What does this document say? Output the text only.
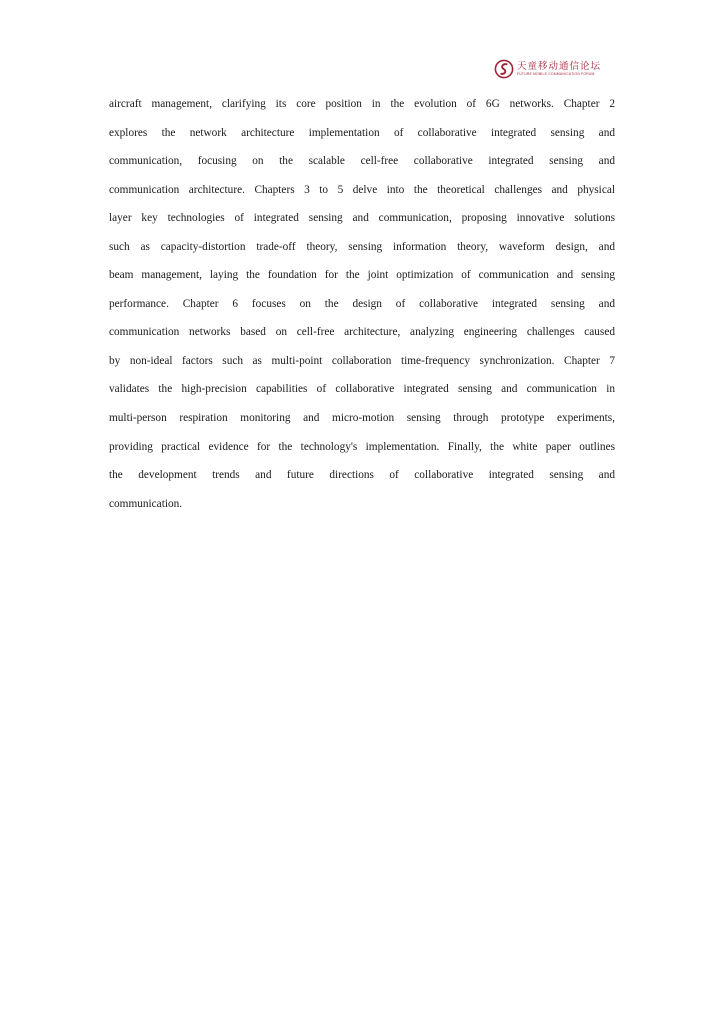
天童移动通信论坛
FUTURE MOBILE COMMUNICATION FORUM
aircraft management, clarifying its core position in the evolution of 6G networks. Chapter 2
explores the network architecture implementation of collaborative integrated sensing and
communication, focusing on the scalable cell-free collaborative integrated sensing and
communication architecture. Chapters 3 to 5 delve into the theoretical challenges and physical
layer key technologies of integrated sensing and communication, proposing innovative solutions
such as capacity-distortion trade-off theory, sensing information theory, waveform design, and
beam management, laying the foundation for the joint optimization of communication and sensing
performance. Chapter 6 focuses on the design of collaborative integrated sensing and
communication networks based on cell-free architecture, analyzing engineering challenges caused
by non-ideal factors such as multi-point collaboration time-frequency synchronization. Chapter 7
validates the high-precision capabilities of collaborative integrated sensing and communication in
multi-person respiration monitoring and micro-motion sensing through prototype experiments,
providing practical evidence for the technology's implementation. Finally, the white paper outlines
the development trends and future directions of collaborative integrated sensing and
communication.
